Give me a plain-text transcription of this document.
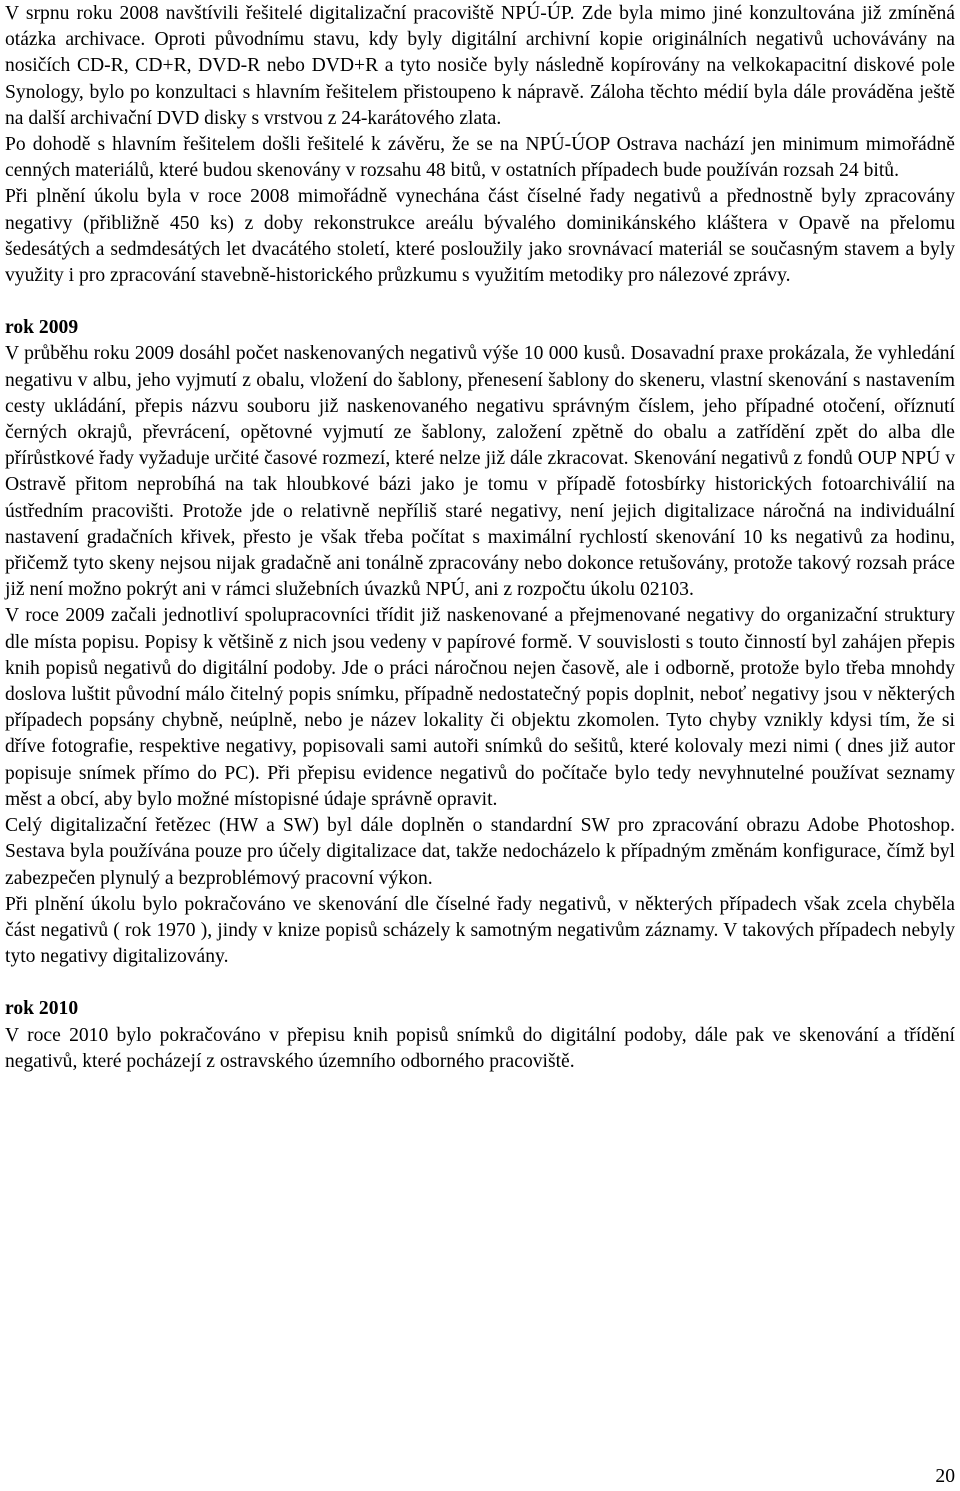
V srpnu roku 2008 navštívili řešitelé digitalizační pracoviště NPÚ-ÚP. Zde byla mimo jiné konzultována již zmíněná otázka archivace. Oproti původnímu stavu, kdy byly digitální archivní kopie originálních negativů uchovávány na nosičích CD-R, CD+R, DVD-R nebo DVD+R a tyto nosiče byly následně kopírovány na velkokapacitní diskové pole Synology, bylo po konzultaci s hlavním řešitelem přistoupeno k nápravě. Záloha těchto médií byla dále prováděna ještě na další archivační DVD disky s vrstvou z 24-karátového zlata.

Po dohodě s hlavním řešitelem došli řešitelé k závěru, že se na NPÚ-ÚOP Ostrava nachází jen minimum mimořádně cenných materiálů, které budou skenovány v rozsahu 48 bitů, v ostatních případech bude používán rozsah 24 bitů.

Při plnění úkolu byla v roce 2008 mimořádně vynechána část číselné řady negativů a přednostně byly zpracovány negativy (přibližně 450 ks) z doby rekonstrukce areálu bývalého dominikánského kláštera v Opavě na přelomu šedesátých a sedmdesátých let dvacátého století, které posloužily jako srovnávací materiál se současným stavem a byly využity i pro zpracování stavebně-historického průzkumu s využitím metodiky pro nálezové zprávy.

rok 2009

V průběhu roku 2009 dosáhl počet naskenovaných negativů výše 10 000 kusů. Dosavadní praxe prokázala, že vyhledání negativu v albu, jeho vyjmutí z obalu, vložení do šablony, přenesení šablony do skeneru, vlastní skenování s nastavením cesty ukládání, přepis názvu souboru již naskenovaného negativu správným číslem, jeho případné otočení, oříznutí černých okrajů, převrácení, opětovné vyjmutí ze šablony, založení zpětně do obalu a zatřídění zpět do alba dle přírůstkové řady vyžaduje určité časové rozmezí, které nelze již dále zkracovat. Skenování negativů z fondů OUP NPÚ v Ostravě přitom neprobíhá na tak hloubkové bázi jako je tomu v případě fotosbírky historických fotoarchiválií na ústředním pracovišti. Protože jde o relativně nepříliš staré negativy, není jejich digitalizace náročná na individuální nastavení gradačních křivek, přesto je však třeba počítat s maximální rychlostí skenování 10 ks negativů za hodinu, přičemž tyto skeny nejsou nijak gradačně ani tonálně zpracovány nebo dokonce retušovány, protože takový rozsah práce již není možno pokrýt ani v rámci služebních úvazků NPÚ, ani z rozpočtu úkolu 02103.

V roce 2009 začali jednotliví spolupracovníci třídit již naskenované a přejmenované negativy do organizační struktury dle místa popisu. Popisy k většině z nich jsou vedeny v papírové formě. V souvislosti s touto činností byl zahájen přepis knih popisů negativů do digitální podoby. Jde o práci náročnou nejen časově, ale i odborně, protože bylo třeba mnohdy doslova luštit původní málo čitelný popis snímku, případně nedostatečný popis doplnit, neboť negativy jsou v některých případech popsány chybně, neúplně, nebo je název lokality či objektu zkomolen. Tyto chyby vznikly kdysi tím, že si dříve fotografie, respektive negativy, popisovali sami autoři snímků do sešitů, které kolovaly mezi nimi ( dnes již autor popisuje snímek přímo do PC). Při přepisu evidence negativů do počítače bylo tedy nevyhnutelné používat seznamy měst a obcí, aby bylo možné místopisné údaje správně opravit.

Celý digitalizační řetězec (HW a SW) byl dále doplněn o standardní SW pro zpracování obrazu Adobe Photoshop. Sestava byla používána pouze pro účely digitalizace dat, takže nedocházelo k případným změnám konfigurace, čímž byl zabezpečen plynulý a bezproblémový pracovní výkon.

Při plnění úkolu bylo pokračováno ve skenování dle číselné řady negativů, v některých případech však zcela chyběla část negativů ( rok 1970 ), jindy v knize popisů scházely k samotným negativům záznamy. V takových případech nebyly tyto negativy digitalizovány.

rok 2010

V roce 2010 bylo pokračováno v přepisu knih popisů snímků do digitální podoby, dále pak ve skenování a třídění negativů, které pocházejí z ostravského územního odborného pracoviště.

20
